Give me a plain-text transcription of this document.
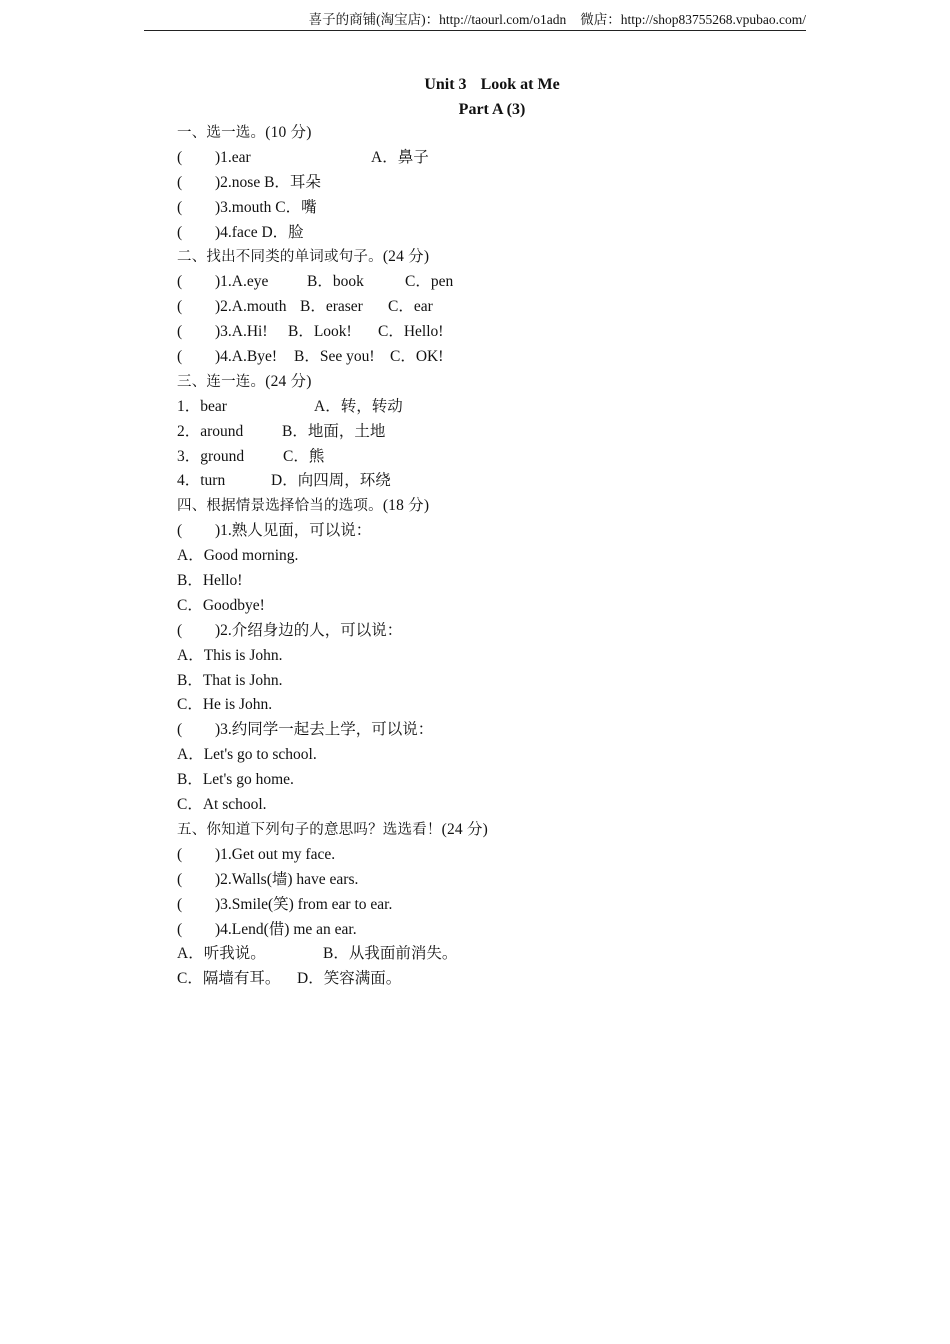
喜子的商铺(淘宝店)：http://taourl.com/o1adn 微店：http://shop83755268.vpubao.com/
Unit 3 Look at Me
Part A (3)
一、选一选。(10 分)
( )1.ear	A．鼻子
( )2.nose B．耳朵
( )3.mouth C．嘴
( )4.face D．脸
二、找出不同类的单词或句子。(24 分)
( )1.A.eye B．book	C．pen
( )2.A.mouth B．eraser C．ear
( )3.A.Hi! B．Look! C．Hello!
( )4.A.Bye! B．See you! C．OK!
三、连一连。(24 分)
1．bear	A．转，转动
2．around B．地面，土地
3．ground	C．熊
4．turn	D．向四周，环绕
四、根据情景选择恰当的选项。(18 分)
( )1.熟人见面，可以说：
A．Good morning.
B．Hello!
C．Goodbye!
( )2.介绍身边的人，可以说：
A．This is John.
B．That is John.
C．He is John.
( )3.约同学一起去上学，可以说：
A．Let's go to school.
B．Let's go home.
C．At school.
五、你知道下列句子的意思吗？选选看！(24 分)
( )1.Get out my face.
( )2.Walls(墙) have ears.
( )3.Smile(笑) from ear to ear.
( )4.Lend(借) me an ear.
A．听我说。	B．从我面前消失。
C．隔墙有耳。 D．笑容满面。
